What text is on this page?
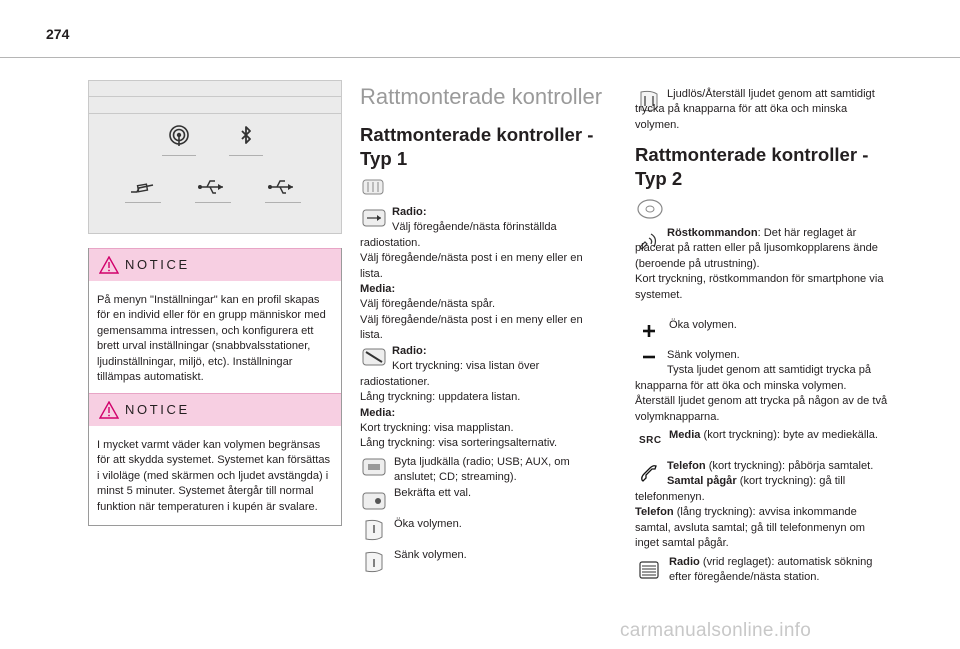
274
NOTICE
På menyn "Inställningar" kan en profil skapas för en individ eller för en grupp människor med gemensamma intressen, och konfigurera ett brett urval inställningar (snabbvalsstationer, ljudinställningar, miljö, etc). Inställningar tillämpas automatiskt.
NOTICE
I mycket varmt väder kan volymen begränsas för att skydda systemet. Systemet kan försättas i viloläge (med skärmen och ljudet avstängda) i minst 5 minuter. Systemet återgår till normal funktion när temperaturen i kupén är svalare.
Rattmonterade kontroller
Rattmonterade kontroller - Typ 1
Radio:
Välj föregående/nästa förinställda radiostation.
Välj föregående/nästa post i en meny eller en lista.
Media:
Välj föregående/nästa spår.
Välj föregående/nästa post i en meny eller en lista.
Radio:
Kort tryckning: visa listan över radiostationer.
Lång tryckning: uppdatera listan.
Media:
Kort tryckning: visa mapplistan.
Lång tryckning: visa sorteringsalternativ.
Byta ljudkälla (radio; USB; AUX, om anslutet; CD; streaming).
Bekräfta ett val.
Öka volymen.
Sänk volymen.
Ljudlös/Återställ ljudet genom att samtidigt trycka på knapparna för att öka och minska volymen.
Rattmonterade kontroller - Typ 2
Röstkommandon: Det här reglaget är placerat på ratten eller på ljusomkopplarens ände (beroende på utrustning).
Kort tryckning, röstkommandon för smartphone via systemet.
Öka volymen.
Sänk volymen.
Tysta ljudet genom att samtidigt trycka på knapparna för att öka och minska volymen.
Återställ ljudet genom att trycka på någon av de två volymknapparna.
SRC Media (kort tryckning): byte av mediekälla.
Telefon (kort tryckning): påbörja samtalet.
Samtal pågår (kort tryckning): gå till telefonmenyn.
Telefon (lång tryckning): avvisa inkommande samtal, avsluta samtal; gå till telefonmenyn om inget samtal pågår.
Radio (vrid reglaget): automatisk sökning efter föregående/nästa station.
carmanualsonline.info
